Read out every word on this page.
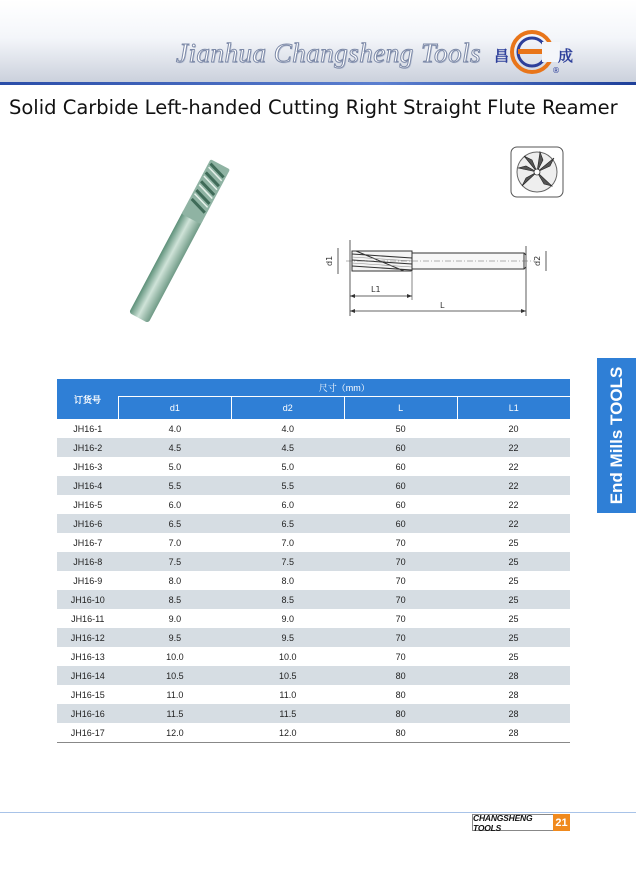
Jianhua Changsheng Tools 昌
®
成
Solid Carbide Left-handed Cutting Right Straight Flute Reamer
d1	d2
L1
L
End Mills TOOLS
订货号	尺寸（mm）			
	d1	d2	L	L1
JH16-1	4.0	4.0	50	20
JH16-2	4.5	4.5	60	22
JH16-3	5.0	5.0	60	22
JH16-4	5.5	5.5	60	22
JH16-5	6.0	6.0	60	22
JH16-6	6.5	6.5	60	22
JH16-7	7.0	7.0	70	25
JH16-8	7.5	7.5	70	25
JH16-9	8.0	8.0	70	25
JH16-10	8.5	8.5	70	25
JH16-11	9.0	9.0	70	25
JH16-12	9.5	9.5	70	25
JH16-13	10.0	10.0	70	25
JH16-14	10.5	10.5	80	28
JH16-15	11.0	11.0	80	28
JH16-16	11.5	11.5	80	28
JH16-17	12.0	12.0	80	28
CHANGSHENG TOOLS	21
